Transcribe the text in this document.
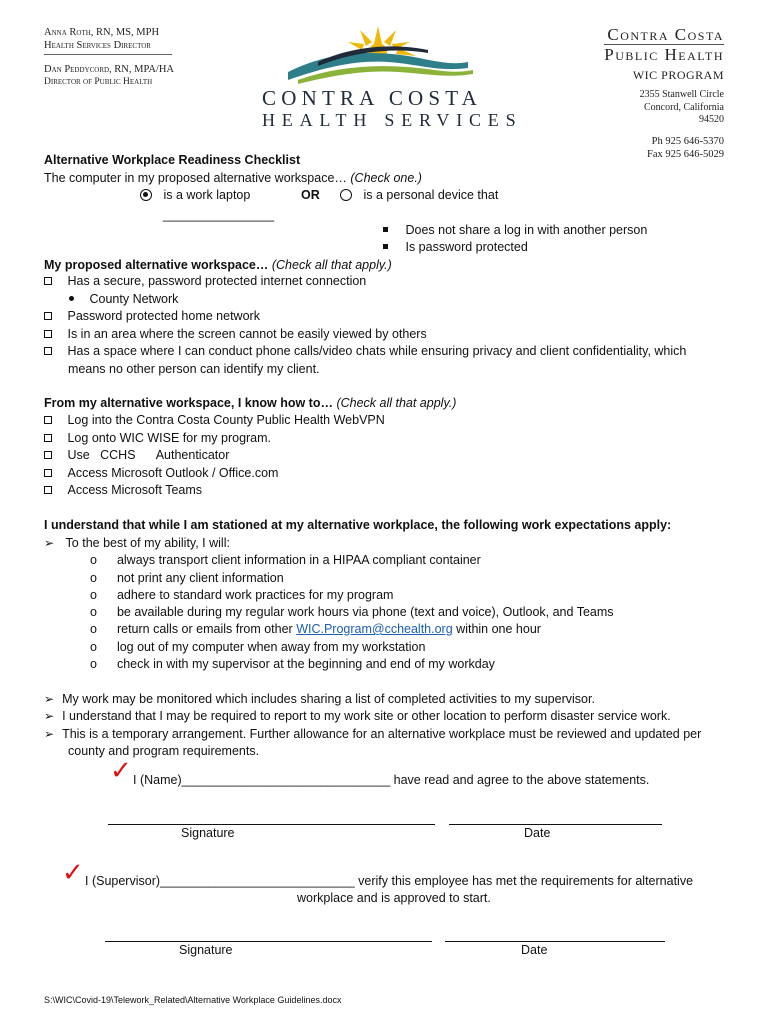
Anna Roth, RN, MS, MPH
Health Services Director
Dan Peddycord, RN, MPA/HA
Director of Public Health
CONTRA COSTA
HEALTH SERVICES
Contra Costa
Public Health
WIC PROGRAM
2355 Stanwell Circle
Concord, California
94520
Ph 925 646-5370
Fax 925 646-5029
Alternative Workplace Readiness Checklist
The computer in my proposed alternative workspace… (Check one.)
is a work laptop	OR	is a personal device that
________________
Does not share a log in with another person
Is password protected
My proposed alternative workspace… (Check all that apply.)
Has a secure, password protected internet connection
County Network
Password protected home network
Is in an area where the screen cannot be easily viewed by others
Has a space where I can conduct phone calls/video chats while ensuring privacy and client confidentiality, which
means no other person can identify my client.
From my alternative workspace, I know how to… (Check all that apply.)
Log into the Contra Costa County Public Health WebVPN
Log onto WIC WISE for my program.
Use   CCHS      Authenticator
Access Microsoft Outlook / Office.com
Access Microsoft Teams
I understand that while I am stationed at my alternative workplace, the following work expectations apply:
➢ To the best of my ability, I will:
o always transport client information in a HIPAA compliant container
o not print any client information
o adhere to standard work practices for my program
o be available during my regular work hours via phone (text and voice), Outlook, and Teams
o return calls or emails from other WIC.Program@cchealth.org within one hour
o log out of my computer when away from my workstation
o check in with my supervisor at the beginning and end of my workday
➢ My work may be monitored which includes sharing a list of completed activities to my supervisor.
➢ I understand that I may be required to report to my work site or other location to perform disaster service work.
➢ This is a temporary arrangement. Further allowance for an alternative workplace must be reviewed and updated per
county and program requirements.
✓ I (Name)______________________________ have read and agree to the above statements.
Signature	Date
✓ I (Supervisor)____________________________ verify this employee has met the requirements for alternative
workplace and is approved to start.
Signature	Date
S:\WIC\Covid-19\Telework_Related\Alternative Workplace Guidelines.docx
